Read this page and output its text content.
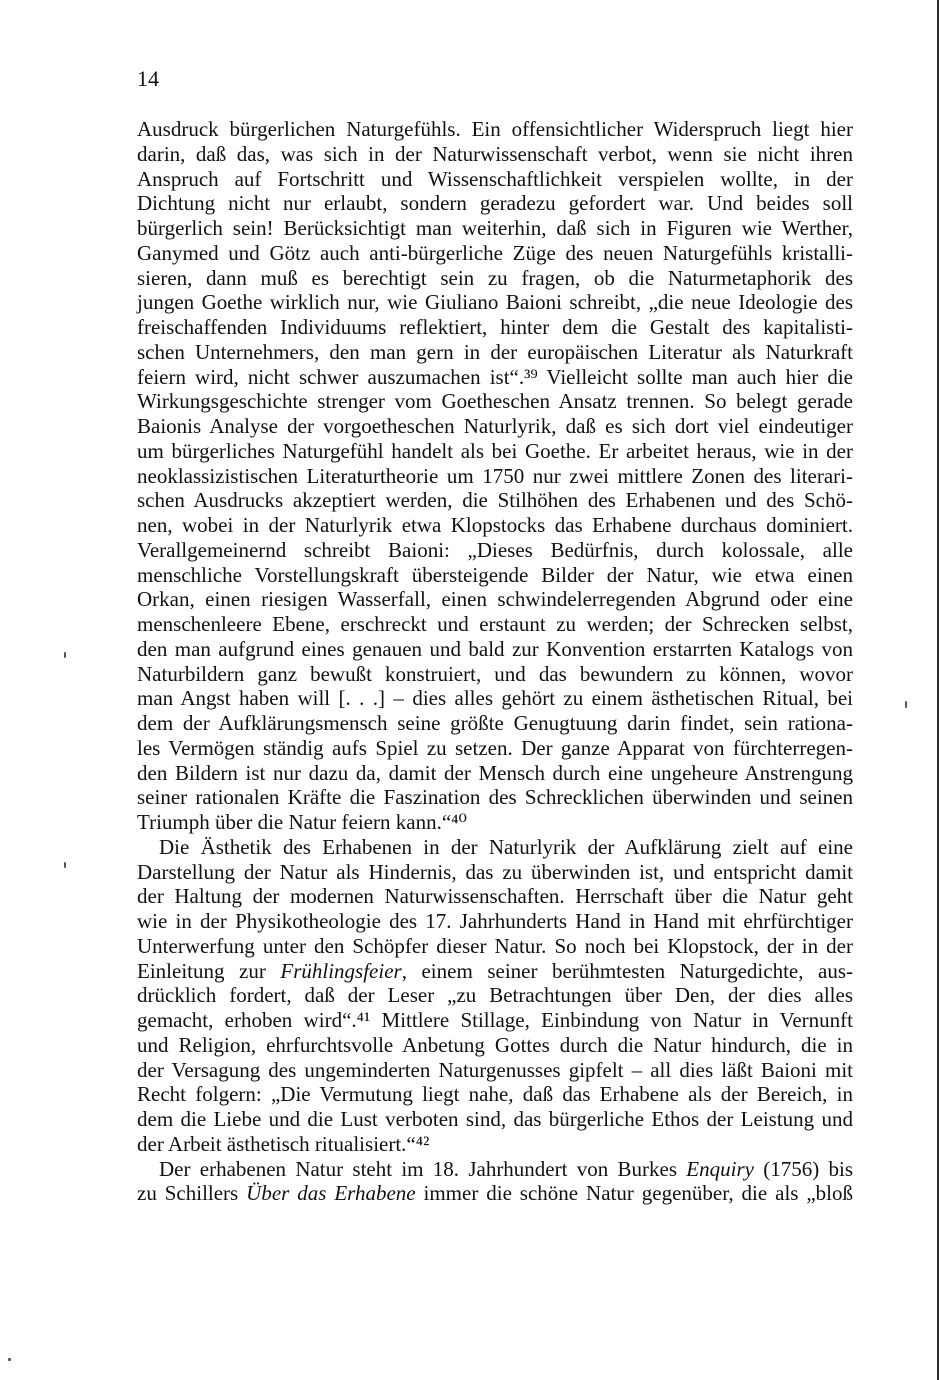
14
Ausdruck bürgerlichen Naturgefühls. Ein offensichtlicher Widerspruch liegt hier
darin, daß das, was sich in der Naturwissenschaft verbot, wenn sie nicht ihren
Anspruch auf Fortschritt und Wissenschaftlichkeit verspielen wollte, in der
Dichtung nicht nur erlaubt, sondern geradezu gefordert war. Und beides soll
bürgerlich sein! Berücksichtigt man weiterhin, daß sich in Figuren wie Werther,
Ganymed und Götz auch anti-bürgerliche Züge des neuen Naturgefühls kristalli-
sieren, dann muß es berechtigt sein zu fragen, ob die Naturmetaphorik des
jungen Goethe wirklich nur, wie Giuliano Baioni schreibt, „die neue Ideologie des
freischaffenden Individuums reflektiert, hinter dem die Gestalt des kapitalisti-
schen Unternehmers, den man gern in der europäischen Literatur als Naturkraft
feiern wird, nicht schwer auszumachen ist“.³⁹ Vielleicht sollte man auch hier die
Wirkungsgeschichte strenger vom Goetheschen Ansatz trennen. So belegt gerade
Baionis Analyse der vorgoetheschen Naturlyrik, daß es sich dort viel eindeutiger
um bürgerliches Naturgefühl handelt als bei Goethe. Er arbeitet heraus, wie in der
neoklassizistischen Literaturtheorie um 1750 nur zwei mittlere Zonen des literari-
schen Ausdrucks akzeptiert werden, die Stilhöhen des Erhabenen und des Schö-
nen, wobei in der Naturlyrik etwa Klopstocks das Erhabene durchaus dominiert.
Verallgemeinernd schreibt Baioni: „Dieses Bedürfnis, durch kolossale, alle
menschliche Vorstellungskraft übersteigende Bilder der Natur, wie etwa einen
Orkan, einen riesigen Wasserfall, einen schwindelerregenden Abgrund oder eine
menschenleere Ebene, erschreckt und erstaunt zu werden; der Schrecken selbst,
den man aufgrund eines genauen und bald zur Konvention erstarrten Katalogs von
Naturbildern ganz bewußt konstruiert, und das bewundern zu können, wovor
man Angst haben will [. . .] – dies alles gehört zu einem ästhetischen Ritual, bei
dem der Aufklärungsmensch seine größte Genugtuung darin findet, sein rationa-
les Vermögen ständig aufs Spiel zu setzen. Der ganze Apparat von fürchterregen-
den Bildern ist nur dazu da, damit der Mensch durch eine ungeheure Anstrengung
seiner rationalen Kräfte die Faszination des Schrecklichen überwinden und seinen
Triumph über die Natur feiern kann.“⁴⁰
Die Ästhetik des Erhabenen in der Naturlyrik der Aufklärung zielt auf eine
Darstellung der Natur als Hindernis, das zu überwinden ist, und entspricht damit
der Haltung der modernen Naturwissenschaften. Herrschaft über die Natur geht
wie in der Physikotheologie des 17. Jahrhunderts Hand in Hand mit ehrfürchtiger
Unterwerfung unter den Schöpfer dieser Natur. So noch bei Klopstock, der in der
Einleitung zur Frühlingsfeier, einem seiner berühmtesten Naturgedichte, aus-
drücklich fordert, daß der Leser „zu Betrachtungen über Den, der dies alles
gemacht, erhoben wird“.⁴¹ Mittlere Stillage, Einbindung von Natur in Vernunft
und Religion, ehrfurchtsvolle Anbetung Gottes durch die Natur hindurch, die in
der Versagung des ungeminderten Naturgenusses gipfelt – all dies läßt Baioni mit
Recht folgern: „Die Vermutung liegt nahe, daß das Erhabene als der Bereich, in
dem die Liebe und die Lust verboten sind, das bürgerliche Ethos der Leistung und
der Arbeit ästhetisch ritualisiert.“⁴²
Der erhabenen Natur steht im 18. Jahrhundert von Burkes Enquiry (1756) bis
zu Schillers Über das Erhabene immer die schöne Natur gegenüber, die als „bloß
